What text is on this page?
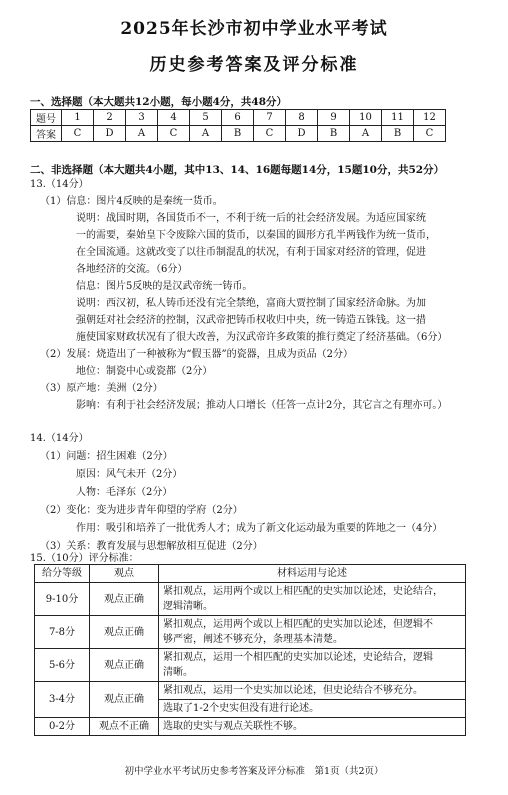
2025年长沙市初中学业水平考试
历史参考答案及评分标准
一、选择题（本大题共12小题，每小题4分，共48分）
题号	1	2	3	4	5	6	7	8	9	10	11	12
答案	C	D	A	C	A	B	C	D	B	A	B	C
二、非选择题（本大题共4小题，其中13、14、16题每题14分，15题10分，共52分）
13.（14分）
（1）信息：图片4反映的是秦统一货币。
说明：战国时期，各国货币不一，不利于统一后的社会经济发展。为适应国家统
一的需要，秦始皇下令废除六国的货币，以秦国的圆形方孔半两钱作为统一货币，
在全国流通。这就改变了以往币制混乱的状况，有利于国家对经济的管理，促进
各地经济的交流。（6分）
信息：图片5反映的是汉武帝统一铸币。
说明：西汉初，私人铸币还没有完全禁绝，富商大贾控制了国家经济命脉。为加
强朝廷对社会经济的控制，汉武帝把铸币权收归中央，统一铸造五铢钱。这一措
施使国家财政状况有了很大改善，为汉武帝许多政策的推行奠定了经济基础。（6分）
（2）发展：烧造出了一种被称为“假玉器”的瓷器，且成为贡品（2分）
地位：制瓷中心或瓷都（2分）
（3）原产地：美洲（2分）
影响：有利于社会经济发展；推动人口增长（任答一点计2分，其它言之有理亦可。）
14.（14分）
（1）问题：招生困难（2分）
原因：风气未开（2分）
人物：毛泽东（2分）
（2）变化：变为进步青年仰望的学府（2分）
作用：吸引和培养了一批优秀人才；成为了新文化运动最为重要的阵地之一（4分）
（3）关系：教育发展与思想解放相互促进（2分）
15.（10分）评分标准：
给分等级	观点	材料运用与论述
9-10分	观点正确	紧扣观点，运用两个或以上相匹配的史实加以论述，史论结合，
逻辑清晰。

7-8分	观点正确	紧扣观点，运用两个或以上相匹配的史实加以论述，但逻辑不
够严密，阐述不够充分，条理基本清楚。

5-6分	观点正确	紧扣观点，运用一个相匹配的史实加以论述，史论结合，逻辑
清晰。

3-4分	观点正确	紧扣观点，运用一个史实加以论述，但史论结合不够充分。
选取了1-2个史实但没有进行论述。

0-2分	观点不正确	选取的史实与观点关联性不够。
初中学业水平考试历史参考答案及评分标准　第1页（共2页）
